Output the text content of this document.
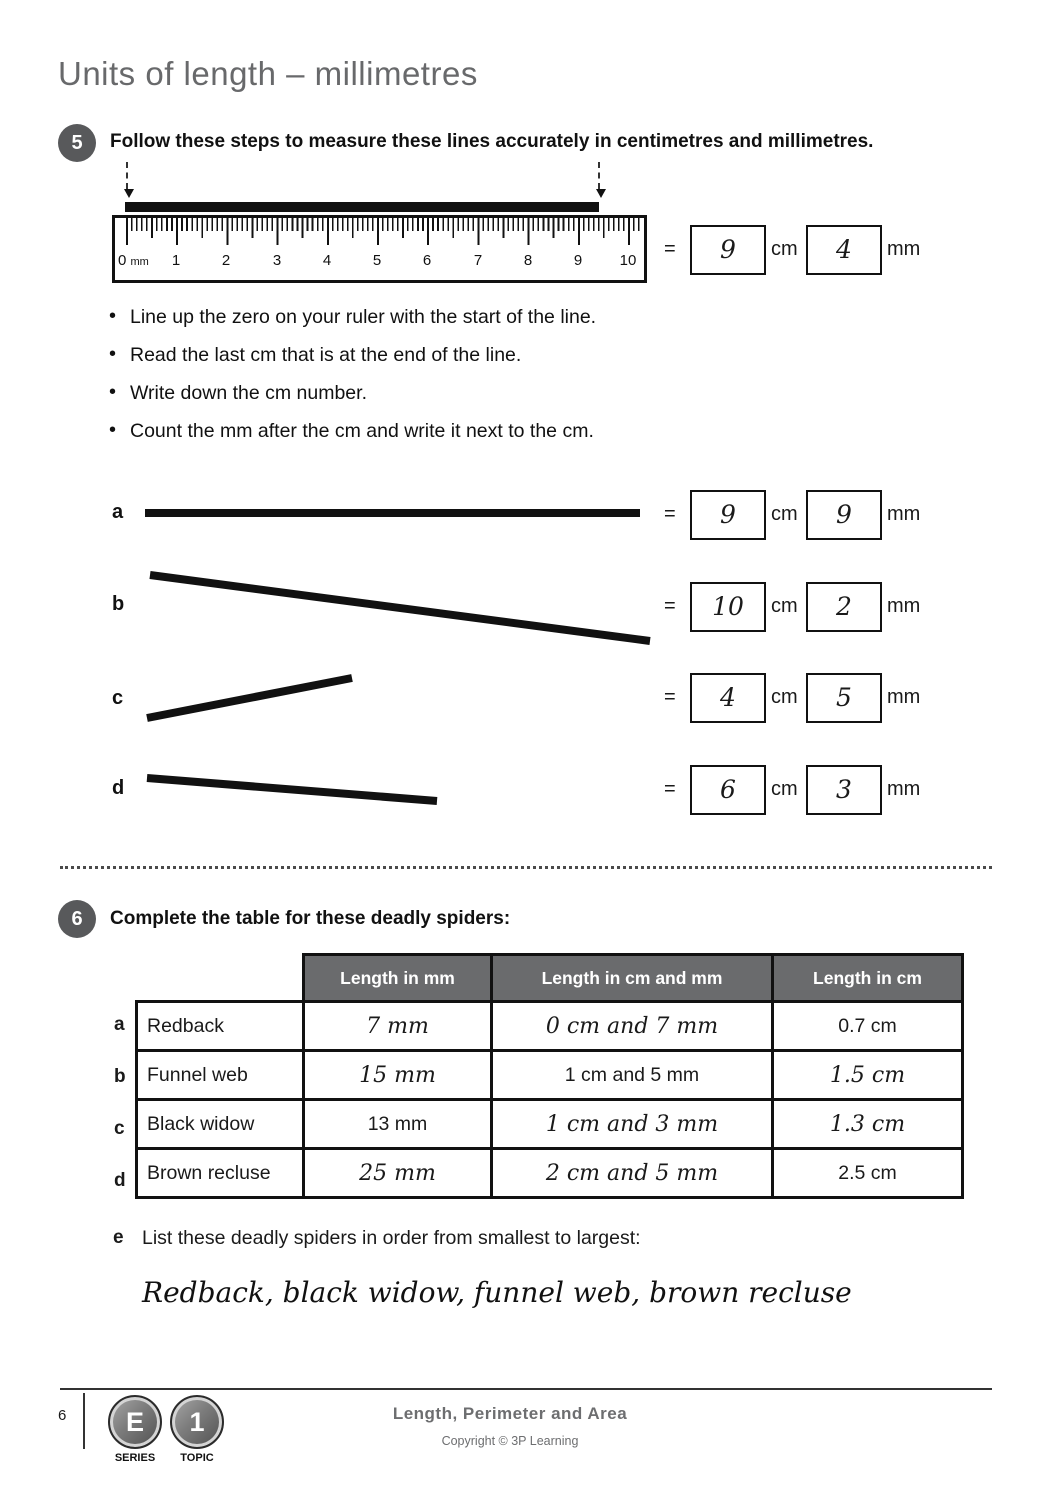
Units of length – millimetres
5	Follow these steps to measure these lines accurately in centimetres and millimetres.
0 mm 1	2	3	4	5	6	7	8	9 10
=	9	cm	4	mm
• Line up the zero on your ruler with the start of the line.
• Read the last cm that is at the end of the line.
• Write down the cm number.
• Count the mm after the cm and write it next to the cm.
a
b
c
d
=	9	cm	9	mm
=	10	cm	2	mm
=	4	cm	5	mm
=	6	cm	3	mm
6	Complete the table for these deadly spiders:
a
b
c
d
	Length in mm	Length in cm and mm	Length in cm
Redback	7 mm	0 cm and 7 mm	0.7 cm
Funnel web	15 mm	1 cm and 5 mm	1.5 cm
Black widow	13 mm	1 cm and 3 mm	1.3 cm
Brown recluse	25 mm	2 cm and 5 mm	2.5 cm
e List these deadly spiders in order from smallest to largest:
Redback, black widow, funnel web, brown recluse
6	E
SERIES
1
TOPIC
Length, Perimeter and Area
Copyright © 3P Learning
